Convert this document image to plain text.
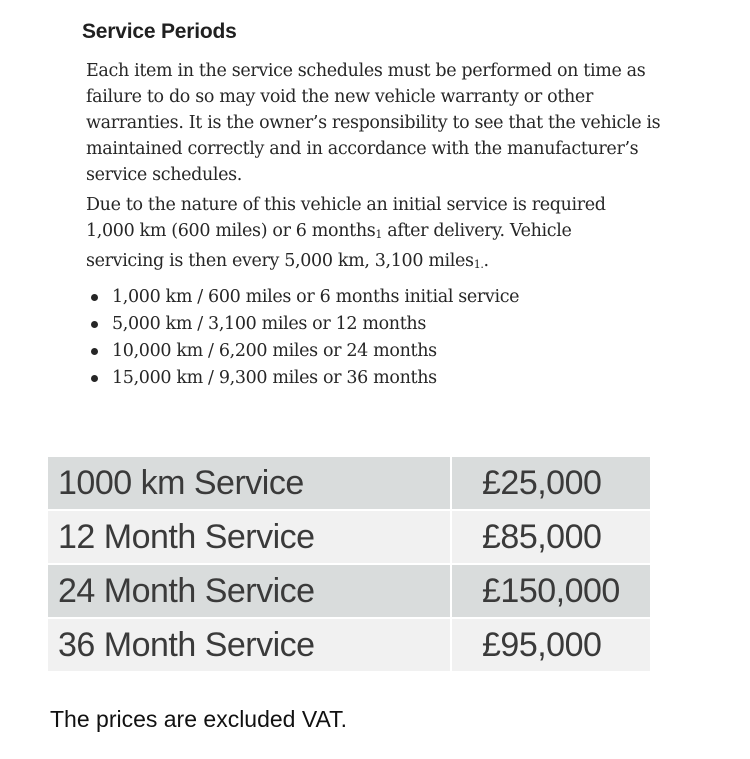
Service Periods

Each item in the service schedules must be performed on time as failure to do so may void the new vehicle warranty or other warranties. It is the owner’s responsibility to see that the vehicle is maintained correctly and in accordance with the manufacturer’s service schedules.

Due to the nature of this vehicle an initial service is required
1,000 km (600 miles) or 6 months$_1$ after delivery. Vehicle
servicing is then every 5,000 km, 3,100 miles$_{1.}$.

1,000 km / 600 miles or 6 months initial service
5,000 km / 3,100 miles or 12 months
10,000 km / 6,200 miles or 24 months
15,000 km / 9,300 miles or 36 months
1000 km Service	£25,000
12 Month Service	£85,000
24 Month Service	£150,000
36 Month Service	£95,000

The prices are excluded VAT.
